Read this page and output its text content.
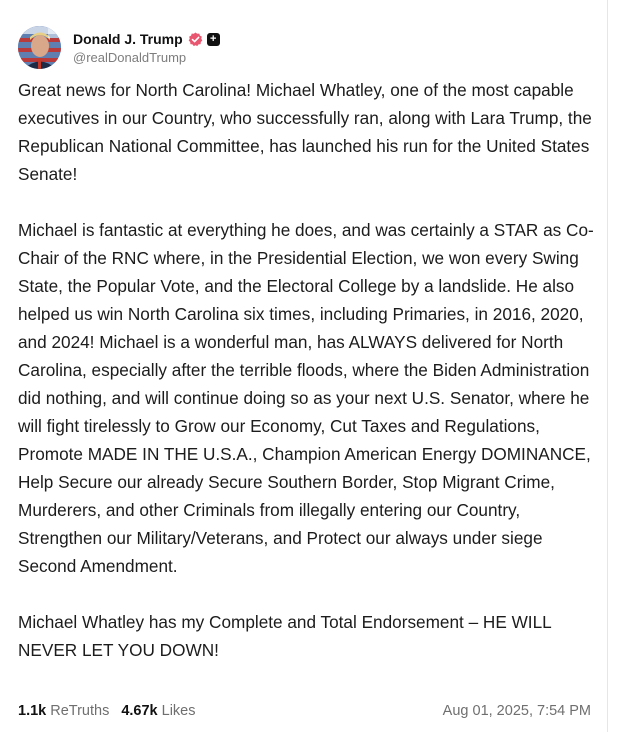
Donald J. Trump +
@realDonaldTrump

Great news for North Carolina! Michael Whatley, one of the most capable executives in our Country, who successfully ran, along with Lara Trump, the Republican National Committee, has launched his run for the United States Senate!

Michael is fantastic at everything he does, and was certainly a STAR as Co-Chair of the RNC where, in the Presidential Election, we won every Swing State, the Popular Vote, and the Electoral College by a landslide. He also helped us win North Carolina six times, including Primaries, in 2016, 2020, and 2024! Michael is a wonderful man, has ALWAYS delivered for North Carolina, especially after the terrible floods, where the Biden Administration did nothing, and will continue doing so as your next U.S. Senator, where he will fight tirelessly to Grow our Economy, Cut Taxes and Regulations, Promote MADE IN THE U.S.A., Champion American Energy DOMINANCE, Help Secure our already Secure Southern Border, Stop Migrant Crime, Murderers, and other Criminals from illegally entering our Country, Strengthen our Military/Veterans, and Protect our always under siege Second Amendment.

Michael Whatley has my Complete and Total Endorsement – HE WILL NEVER LET YOU DOWN!

1.1k ReTruths 4.67k Likes	Aug 01, 2025, 7:54 PM
